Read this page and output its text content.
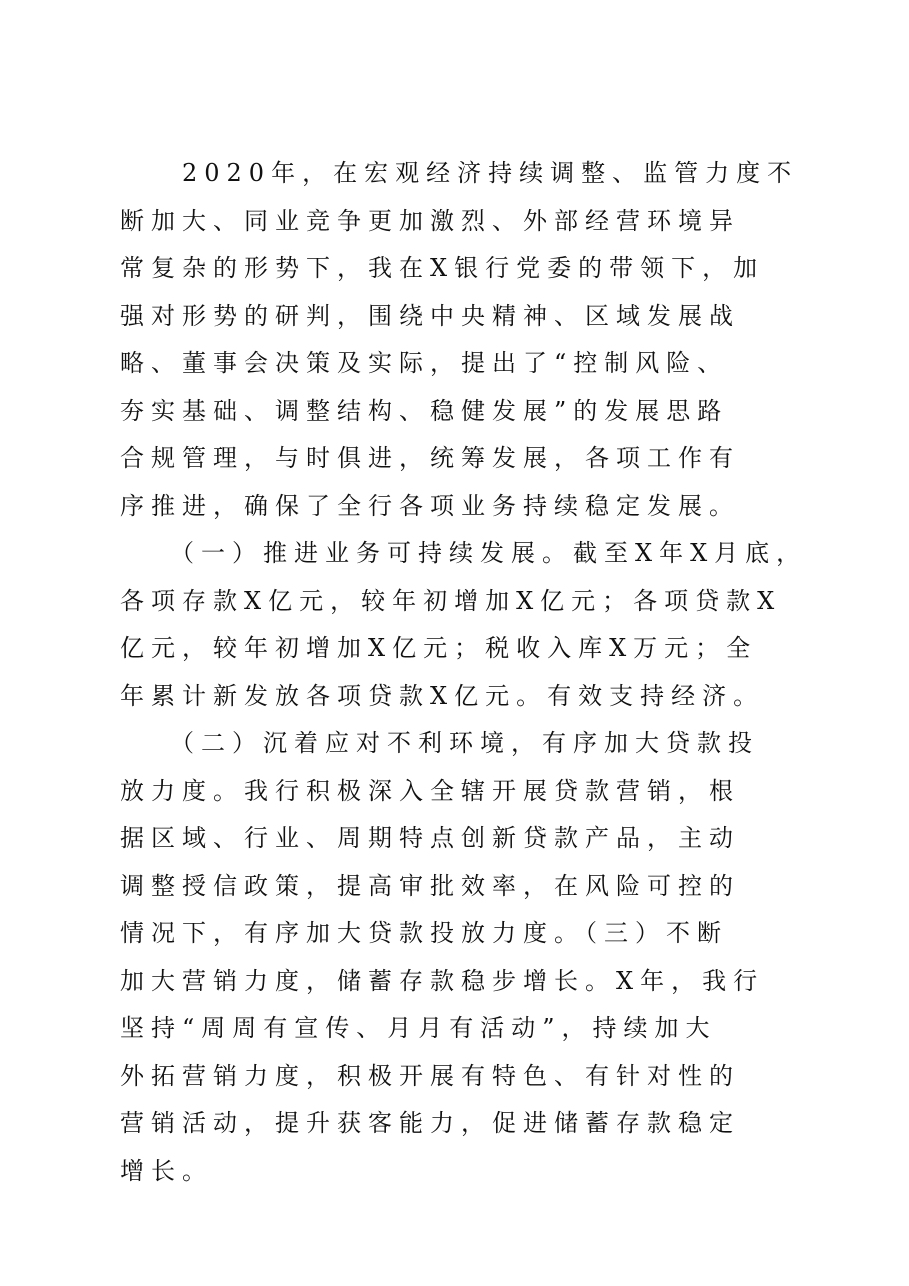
　　2020年，在宏观经济持续调整、监管力度不
断加大、同业竞争更加激烈、外部经营环境异
常复杂的形势下，我在X银行党委的带领下，加
强对形势的研判，围绕中央精神、区域发展战
略、董事会决策及实际，提出了“控制风险、
夯实基础、调整结构、稳健发展”的发展思路
合规管理，与时俱进，统筹发展，各项工作有
序推进，确保了全行各项业务持续稳定发展。
　　（一）推进业务可持续发展。截至X年X月底，
各项存款X亿元，较年初增加X亿元；各项贷款X
亿元，较年初增加X亿元；税收入库X万元；全
年累计新发放各项贷款X亿元。有效支持经济。
　　（二）沉着应对不利环境，有序加大贷款投
放力度。我行积极深入全辖开展贷款营销，根
据区域、行业、周期特点创新贷款产品，主动
调整授信政策，提高审批效率，在风险可控的
情况下，有序加大贷款投放力度。（三）不断
加大营销力度，储蓄存款稳步增长。X年，我行
坚持“周周有宣传、月月有活动”，持续加大
外拓营销力度，积极开展有特色、有针对性的
营销活动，提升获客能力，促进储蓄存款稳定
增长。
